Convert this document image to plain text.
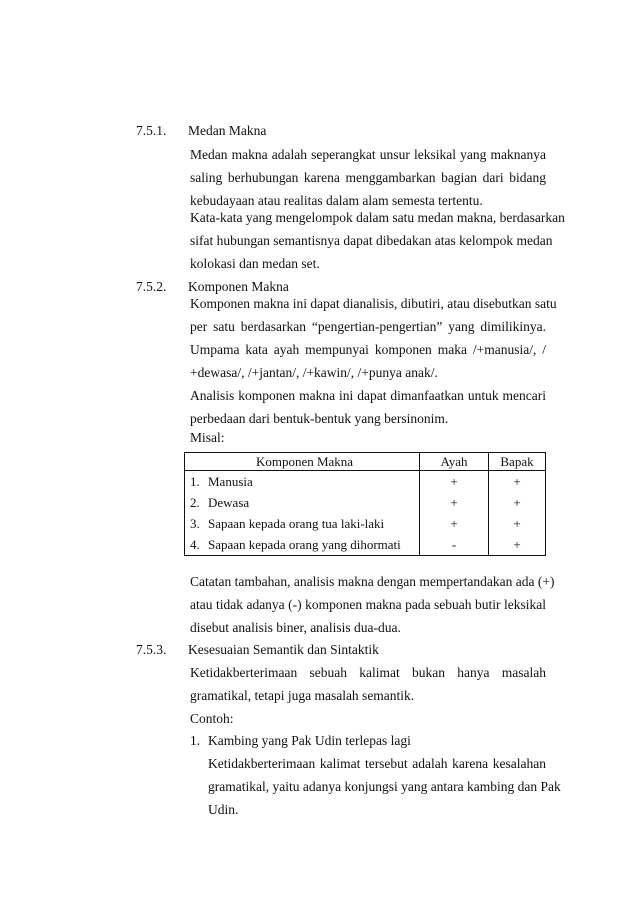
7.5.1. Medan Makna
Medan makna adalah seperangkat unsur leksikal yang maknanya
saling berhubungan karena menggambarkan bagian dari bidang
kebudayaan atau realitas dalam alam semesta tertentu.
Kata-kata yang mengelompok dalam satu medan makna, berdasarkan
sifat hubungan semantisnya dapat dibedakan atas kelompok medan
kolokasi dan medan set.
7.5.2. Komponen Makna
Komponen makna ini dapat dianalisis, dibutiri, atau disebutkan satu
per satu berdasarkan “pengertian-pengertian” yang dimilikinya.
Umpama kata ayah mempunyai komponen maka /+manusia/, /
+dewasa/, /+jantan/, /+kawin/, /+punya anak/.
Analisis komponen makna ini dapat dimanfaatkan untuk mencari
perbedaan dari bentuk-bentuk yang bersinonim.
Misal:
Komponen Makna	Ayah	Bapak
1. Manusia	+	+
2. Dewasa	+	+
3. Sapaan kepada orang tua laki-laki	+	+
4. Sapaan kepada orang yang dihormati	-	+
Catatan tambahan, analisis makna dengan mempertandakan ada (+)
atau tidak adanya (-) komponen makna pada sebuah butir leksikal
disebut analisis biner, analisis dua-dua.
7.5.3. Kesesuaian Semantik dan Sintaktik
Ketidakberterimaan sebuah kalimat bukan hanya masalah
gramatikal, tetapi juga masalah semantik.
Contoh:
1. Kambing yang Pak Udin terlepas lagi
Ketidakberterimaan kalimat tersebut adalah karena kesalahan
gramatikal, yaitu adanya konjungsi yang antara kambing dan Pak
Udin.
